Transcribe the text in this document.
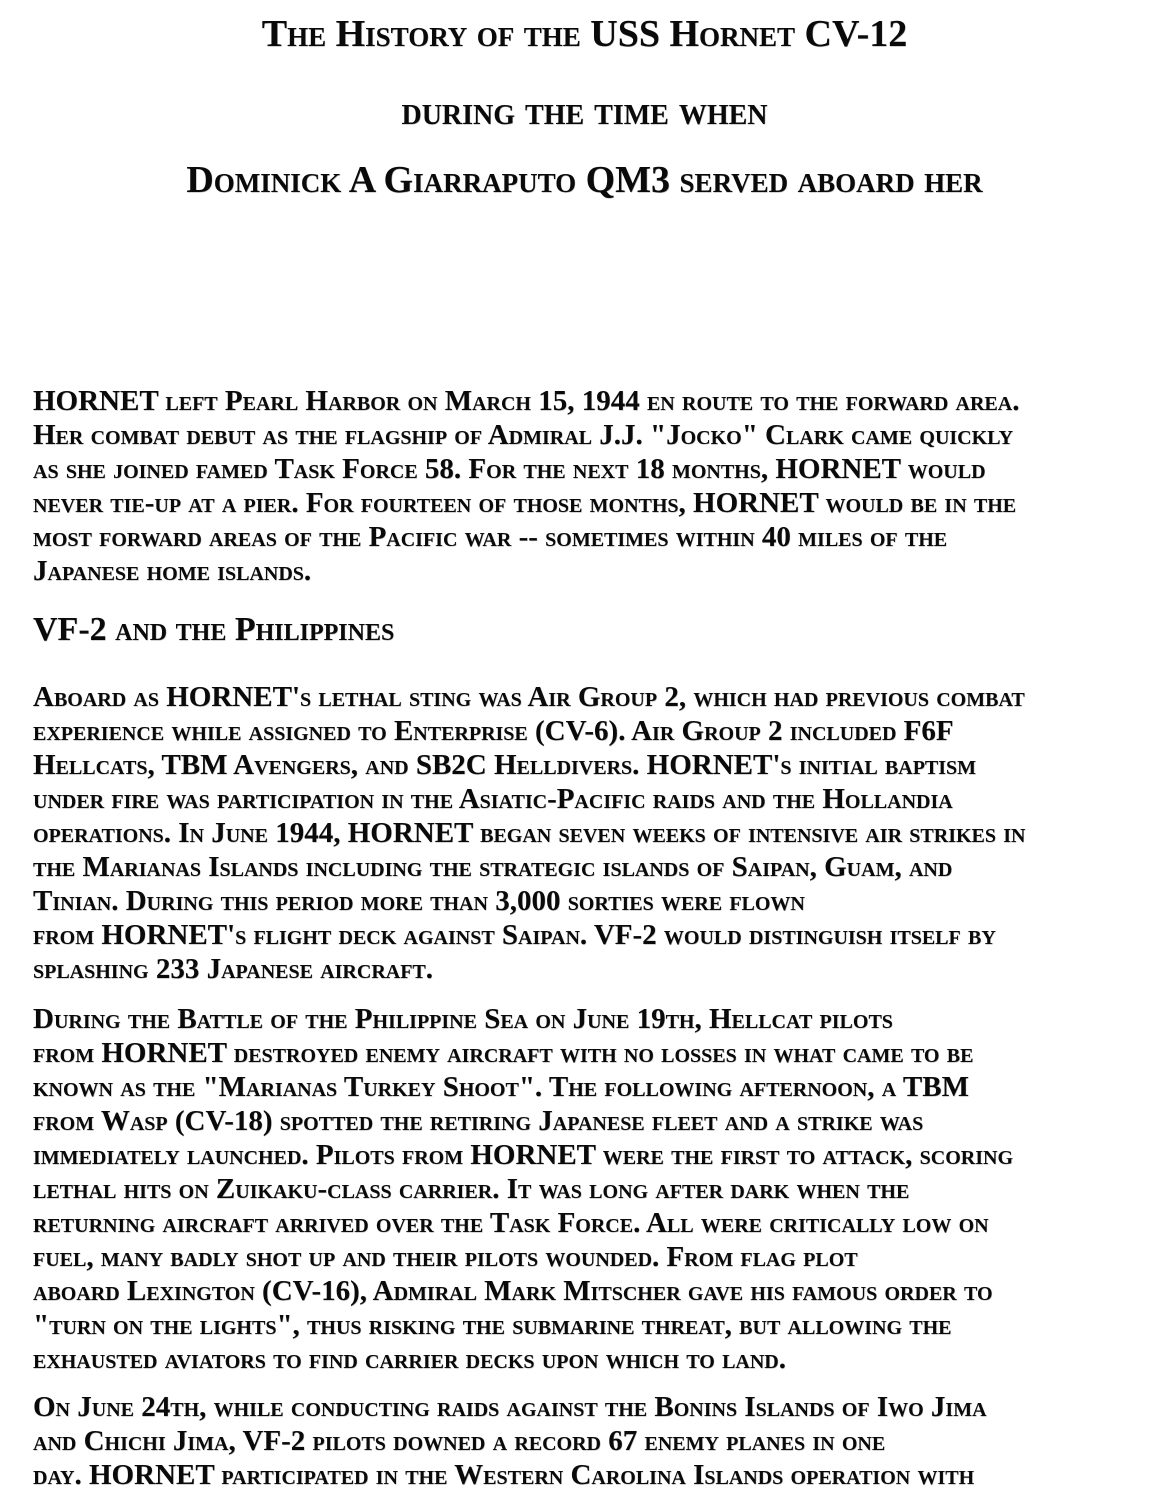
The History of the USS Hornet CV-12
during the time when
Dominick A Giarraputo QM3 served aboard her
HORNET left Pearl Harbor on March 15, 1944 en route to the forward area.
Her combat debut as the flagship of Admiral J.J. "Jocko" Clark came quickly
as she joined famed Task Force 58. For the next 18 months, HORNET would
never tie-up at a pier. For fourteen of those months, HORNET would be in the
most forward areas of the Pacific war -- sometimes within 40 miles of the
Japanese home islands.
VF-2 and the Philippines
Aboard as HORNET's lethal sting was Air Group 2, which had previous combat
experience while assigned to Enterprise (CV-6). Air Group 2 included F6F
Hellcats, TBM Avengers, and SB2C Helldivers. HORNET's initial baptism
under fire was participation in the Asiatic-Pacific raids and the Hollandia
operations. In June 1944, HORNET began seven weeks of intensive air strikes in
the Marianas Islands including the strategic islands of Saipan, Guam, and
Tinian. During this period more than 3,000 sorties were flown
from HORNET's flight deck against Saipan. VF-2 would distinguish itself by
splashing 233 Japanese aircraft.
During the Battle of the Philippine Sea on June 19th, Hellcat pilots
from HORNET destroyed enemy aircraft with no losses in what came to be
known as the "Marianas Turkey Shoot". The following afternoon, a TBM
from Wasp (CV-18) spotted the retiring Japanese fleet and a strike was
immediately launched. Pilots from HORNET were the first to attack, scoring
lethal hits on Zuikaku-class carrier. It was long after dark when the
returning aircraft arrived over the Task Force. All were critically low on
fuel, many badly shot up and their pilots wounded. From flag plot
aboard Lexington (CV-16), Admiral Mark Mitscher gave his famous order to
"turn on the lights", thus risking the submarine threat, but allowing the
exhausted aviators to find carrier decks upon which to land.
On June 24th, while conducting raids against the Bonins Islands of Iwo Jima
and Chichi Jima, VF-2 pilots downed a record 67 enemy planes in one
day. HORNET participated in the Western Carolina Islands operation with
